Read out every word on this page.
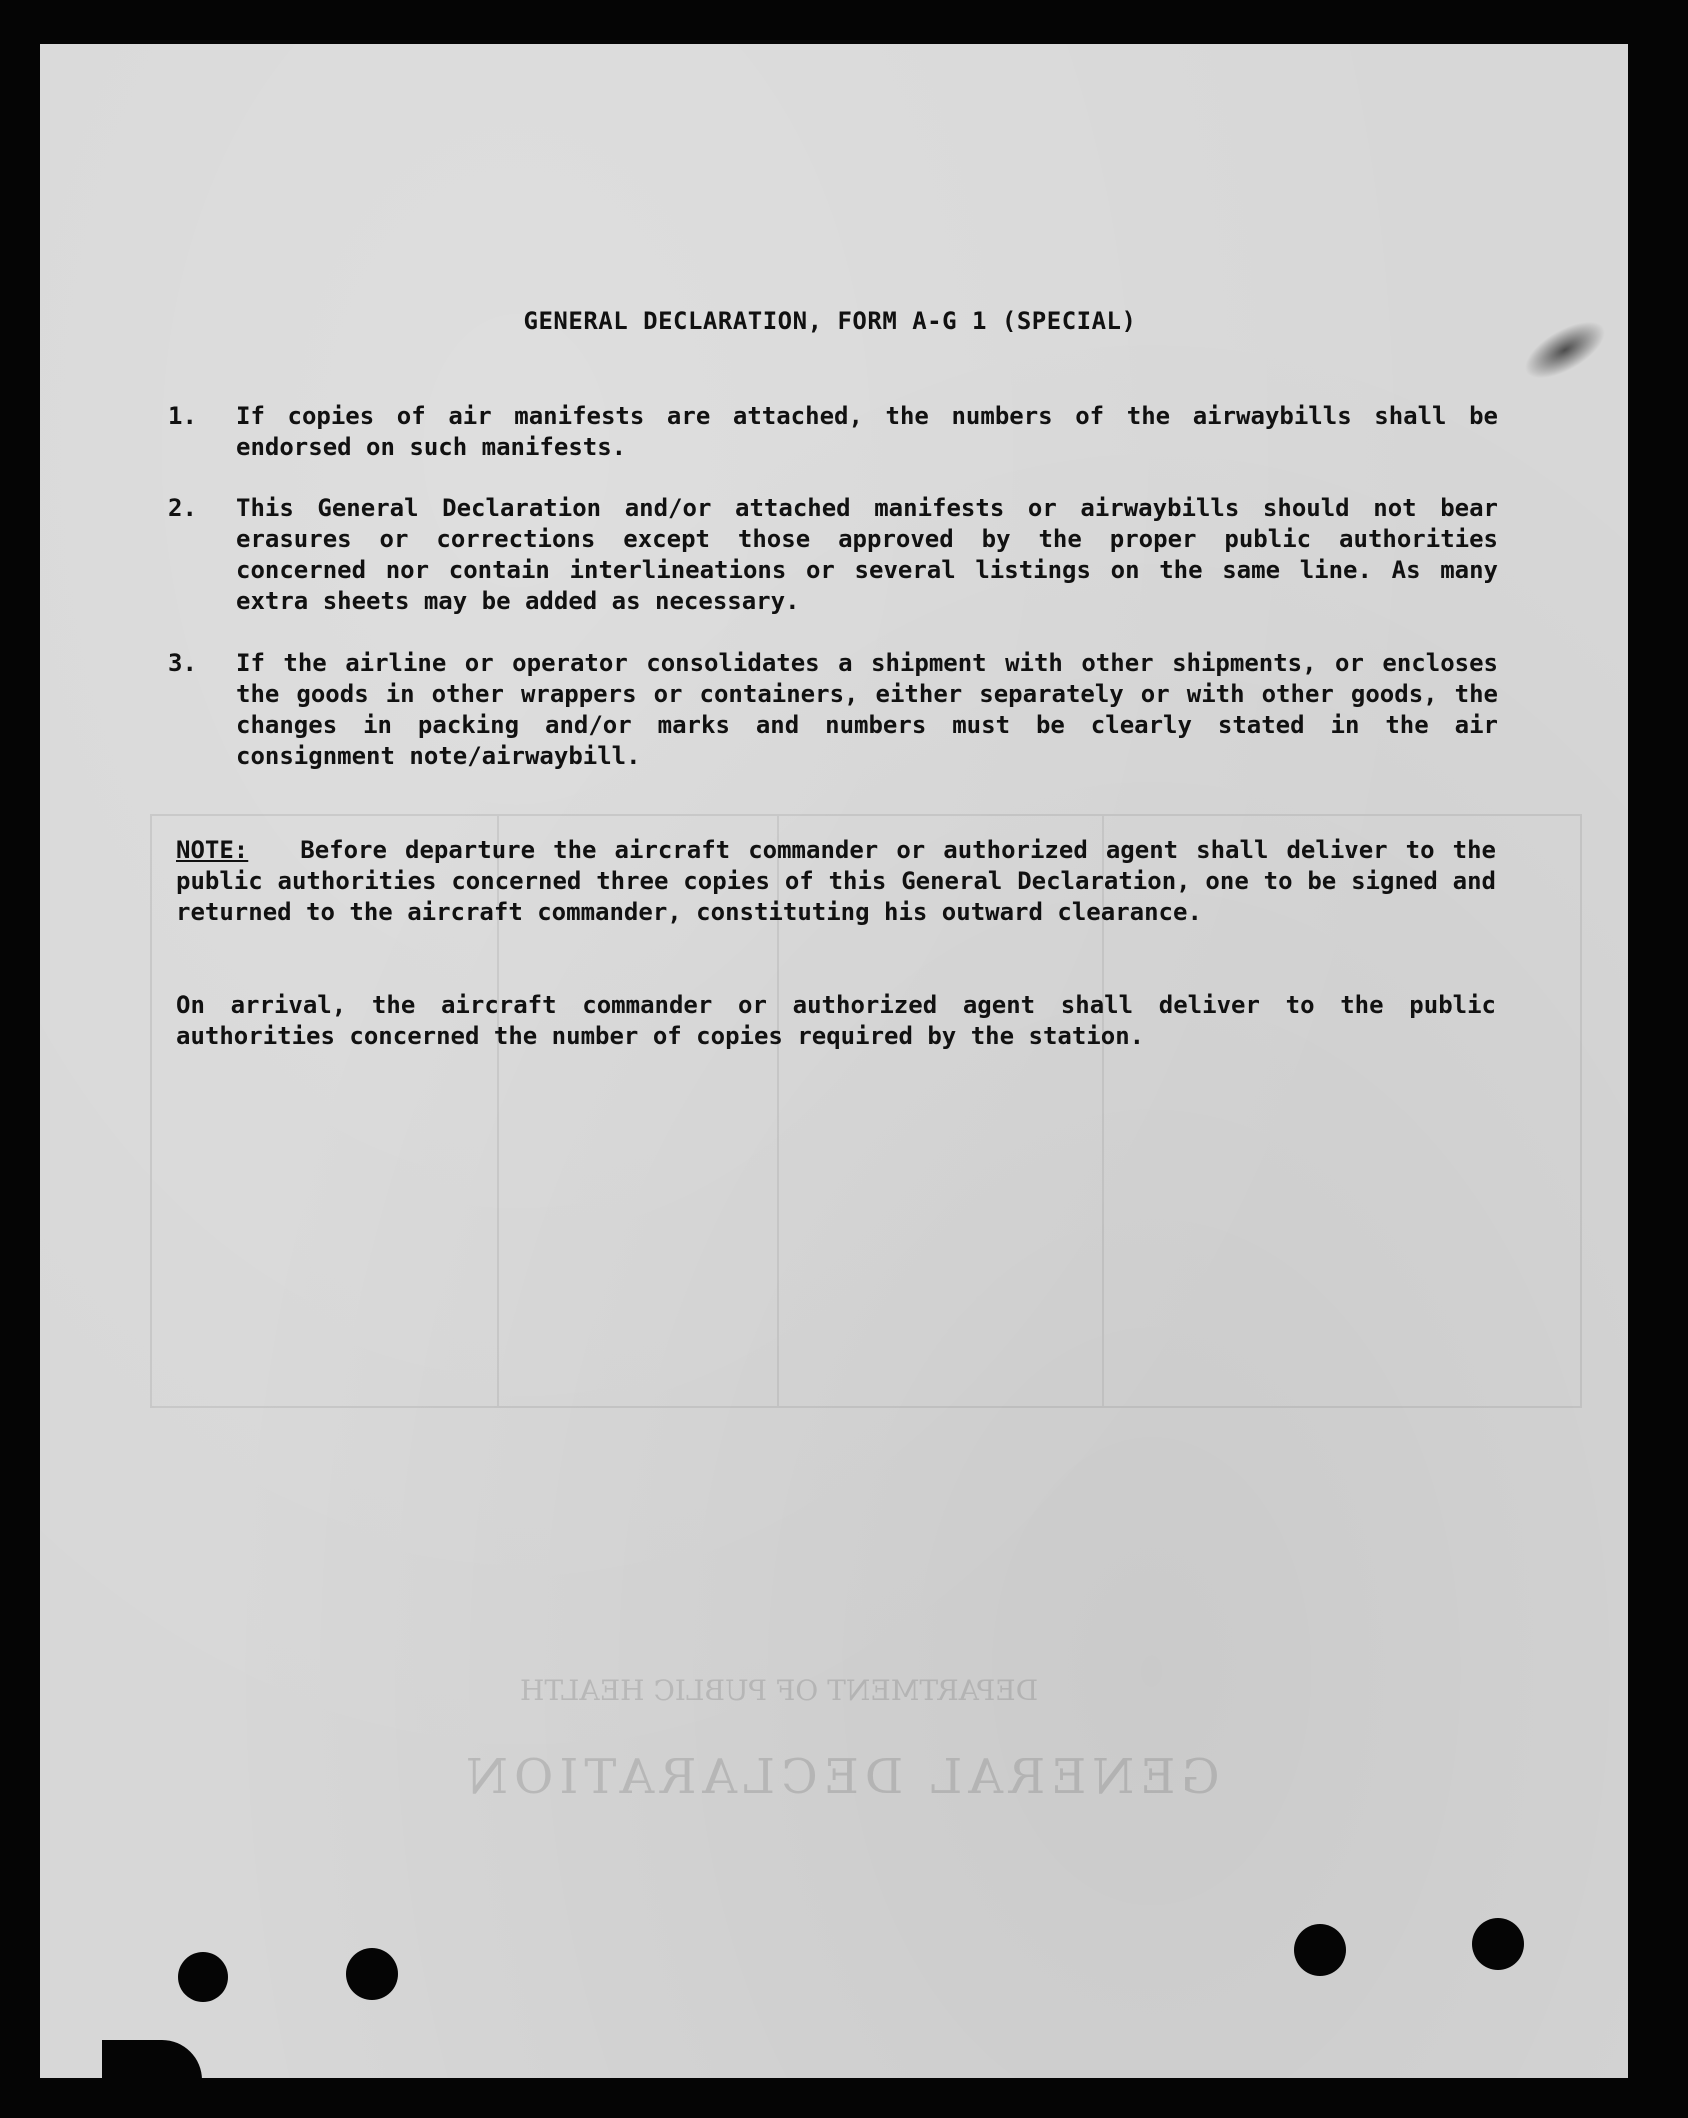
DEPARTMENT OF PUBLIC HEALTH
GENERAL DECLARATION
GENERAL DECLARATION, FORM A-G 1 (SPECIAL)
1. If copies of air manifests are attached, the numbers of the airwaybills shall be endorsed on such manifests.
2. This General Declaration and/or attached manifests or airwaybills should not bear erasures or corrections except those approved by the proper public authorities concerned nor contain interlineations or several listings on the same line. As many extra sheets may be added as necessary.
3. If the airline or operator consolidates a shipment with other shipments, or encloses the goods in other wrappers or containers, either separately or with other goods, the changes in packing and/or marks and numbers must be clearly stated in the air consignment note/airwaybill.
NOTE: Before departure the aircraft commander or authorized agent shall deliver to the public authorities concerned three copies of this General Declaration, one to be signed and returned to the aircraft commander, constituting his outward clearance.
On arrival, the aircraft commander or authorized agent shall deliver to the public authorities concerned the number of copies required by the station.
